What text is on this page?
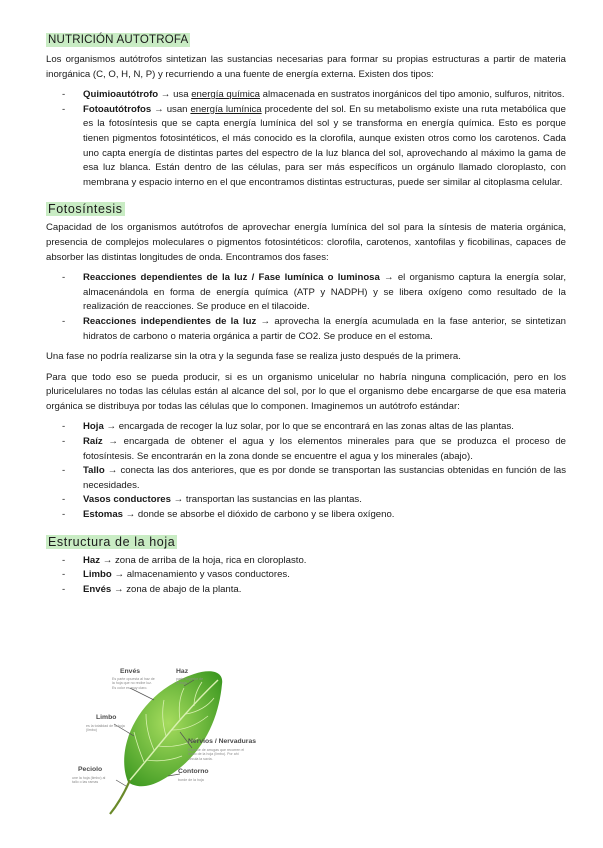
NUTRICIÓN AUTOTROFA

Los organismos autótrofos sintetizan las sustancias necesarias para formar su propias estructuras a partir de materia inorgánica (C, O, H, N, P) y recurriendo a una fuente de energía externa. Existen dos tipos:

- Quimioautótrofo → usa energía química almacenada en sustratos inorgánicos del tipo amonio, sulfuros, nitritos.
- Fotoautótrofos → usan energía lumínica procedente del sol. En su metabolismo existe una ruta metabólica que es la fotosíntesis que se capta energía lumínica del sol y se transforma en energía química. Esto es porque tienen pigmentos fotosintéticos, el más conocido es la clorofila, aunque existen otros como los carotenos. Cada uno capta energía de distintas partes del espectro de la luz blanca del sol, aprovechando al máximo la gama de esa luz blanca. Están dentro de las células, para ser más específicos un orgánulo llamado cloroplasto, con membrana y espacio interno en el que encontramos distintas estructuras, puede ser similar al citoplasma celular.
Fotosíntesis

Capacidad de los organismos autótrofos de aprovechar energía lumínica del sol para la síntesis de materia orgánica, presencia de complejos moleculares o pigmentos fotosintéticos: clorofila, carotenos, xantofilas y ficobilinas, capaces de absorber las distintas longitudes de onda. Encontramos dos fases:

- Reacciones dependientes de la luz / Fase lumínica o luminosa → el organismo captura la energía solar, almacenándola en forma de energía química (ATP y NADPH) y se libera oxígeno como resultado de la realización de reacciones. Se produce en el tilacoide.
- Reacciones independientes de la luz → aprovecha la energía acumulada en la fase anterior, se sintetizan hidratos de carbono o materia orgánica a partir de CO2. Se produce en el estoma.

Una fase no podría realizarse sin la otra y la segunda fase se realiza justo después de la primera.

Para que todo eso se pueda producir, si es un organismo unicelular no habría ninguna complicación, pero en los pluricelulares no todas las células están al alcance del sol, por lo que el organismo debe encargarse de que esa materia orgánica se distribuya por todas las células que lo componen. Imaginemos un autótrofo estándar:

- Hoja → encargada de recoger la luz solar, por lo que se encontrará en las zonas altas de las plantas.
- Raíz → encargada de obtener el agua y los elementos minerales para que se produzca el proceso de fotosíntesis. Se encontrarán en la zona donde se encuentre el agua y los minerales (abajo).
- Tallo → conecta las dos anteriores, que es por donde se transportan las sustancias obtenidas en función de las necesidades.
- Vasos conductores → transportan las sustancias en las plantas.
- Estomas → donde se absorbe el dióxido de carbono y se libera oxígeno.
Estructura de la hoja
- Haz → zona de arriba de la hoja, rica en cloroplasto.
- Limbo → almacenamiento y vasos conductores.
- Envés → zona de abajo de la planta.
Envés
Es parte opuesta al haz de la hoja que no recibe luz. Es color es muy claro.
Haz
parte superior de la hoja
Limbo
es la totalidad de la hoja (limbo)
Nervios / Nervaduras
Especie de arrugas que recorren el limbo de la hoja (limbo). Por ahí circula la savia.
Peciolo
une la hoja (limbo) al tallo o las ramas
Contorno
borde de la hoja
